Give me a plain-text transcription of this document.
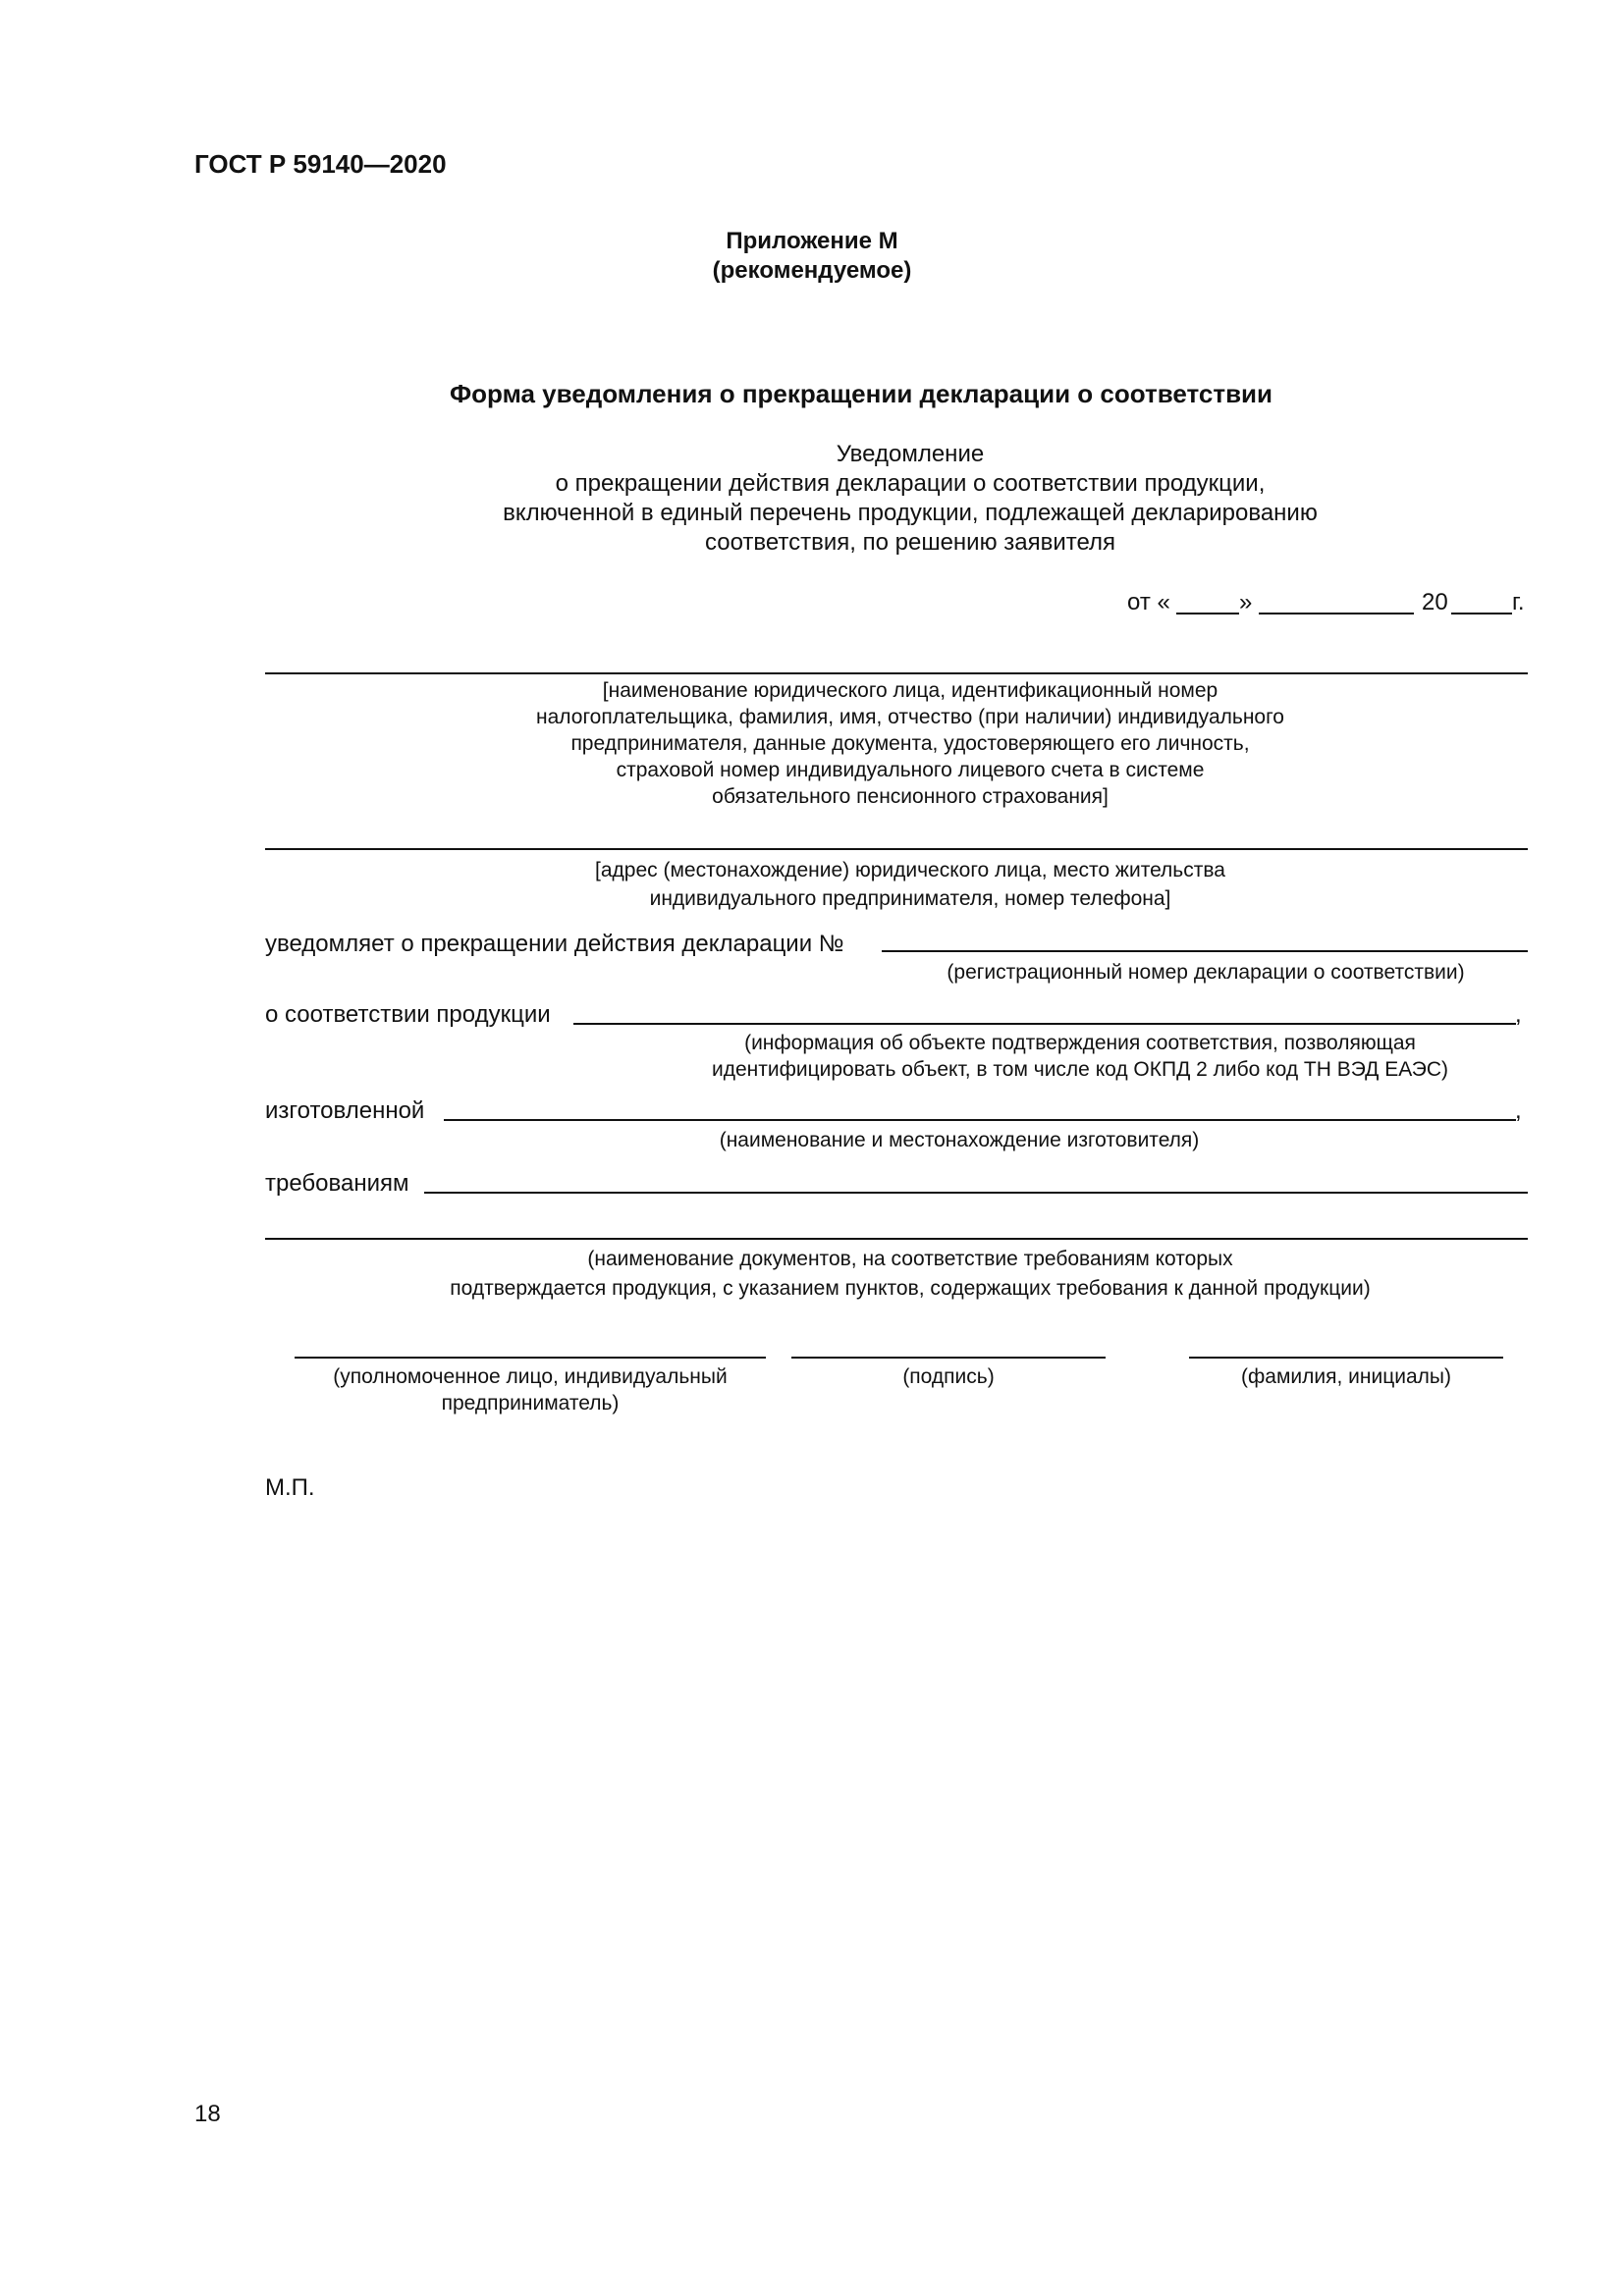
ГОСТ Р 59140—2020
Приложение М
(рекомендуемое)
Форма уведомления о прекращении декларации о соответствии
Уведомление
о прекращении действия декларации о соответствии продукции,
включенной в единый перечень продукции, подлежащей декларированию
соответствия, по решению заявителя
от «	»	20	г.
[наименование юридического лица, идентификационный номер
налогоплательщика, фамилия, имя, отчество (при наличии) индивидуального
предпринимателя, данные документа, удостоверяющего его личность,
страховой номер индивидуального лицевого счета в системе
обязательного пенсионного страхования]
[адрес (местонахождение) юридического лица, место жительства
индивидуального предпринимателя, номер телефона]
уведомляет о прекращении действия декларации №
(регистрационный номер декларации о соответствии)
о соответствии продукции	,
(информация об объекте подтверждения соответствия, позволяющая
идентифицировать объект, в том числе код ОКПД 2 либо код ТН ВЭД ЕАЭС)
изготовленной	,
(наименование и местонахождение изготовителя)
требованиям
(наименование документов, на соответствие требованиям которых
подтверждается продукция, с указанием пунктов, содержащих требования к данной продукции)
(уполномоченное лицо, индивидуальный
предприниматель)
(подпись)	(фамилия, инициалы)
М.П.
18
